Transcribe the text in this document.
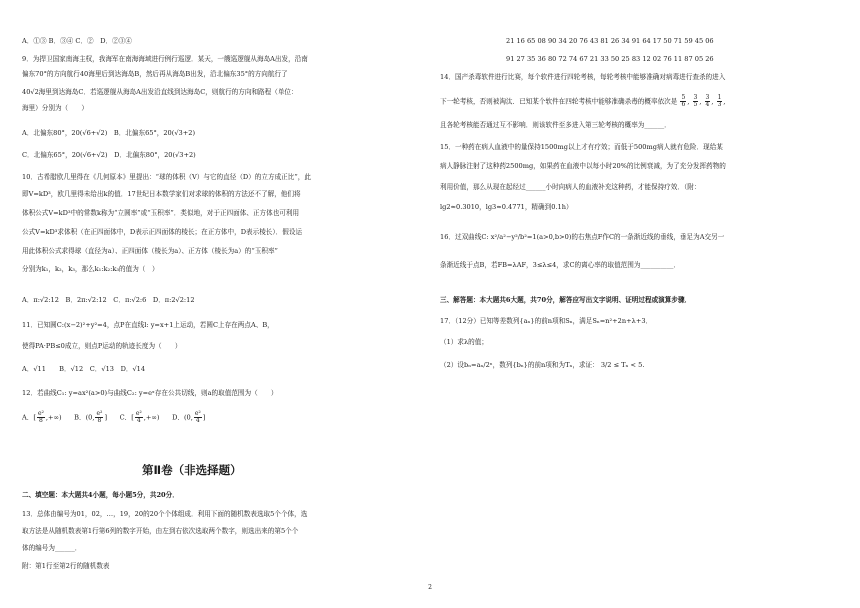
A．①③ B．③④ C．②　D．②③④
9．为捍卫国家南海主权，我海军在南海海域进行例行巡逻．某天，一艘巡逻舰从海岛A出发，沿南
偏东70°的方向航行40海里后到达海岛B，然后再从海岛B出发，沿北偏东35°的方向航行了
40√2海里到达海岛C．若巡逻舰从海岛A出发沿直线到达海岛C，则航行的方向和路程（单位：
海里）分别为（　　）
A．北偏东80°，20(√6+√2)　B．北偏东65°，20(√3+2)
C．北偏东65°，20(√6+√2)　D．北偏东80°，20(√3+2)
10．古希腊欧几里得在《几何原本》里提出：“球的体积（V）与它的直径（D）的立方成正比”，此
即V=kD³，欧几里得未给出k的值．17世纪日本数学家们对求球的体积的方法还不了解，他们将
体积公式V=kD³中的常数k称为“立圆率”或“玉积率”．类似地，对于正四面体、正方体也可利用
公式V=kD³求体积（在正四面体中，D表示正四面体的棱长；在正方体中，D表示棱长）．假设运
用此体积公式求得球（直径为a）、正四面体（棱长为a）、正方体（棱长为a）的“玉积率”
分别为k₁，k₂，k₃，那么k₁:k₂:k₃的值为（　）
A．π:√2:12　B．2π:√2:12　C．π:√2:6　D．π:2√2:12
11．已知圆C:(x−2)²+y²=4，点P在直线l: y=x+1上运动，若圆C上存在两点A、B，
使得PA·PB≤0成立，则点P运动的轨迹长度为（　　）
A．√11　　B．√12　C．√13　D．√14
12．若曲线C₁: y=ax²(a>0)与曲线C₂: y=eˣ存在公共切线，则a的取值范围为（　　）
A．[ $\frac{\text{e²}}{8}$ ,+∞) B．(0, $\frac{\text{e²}}{8}$ ] C．[ $\frac{\text{e²}}{4}$ ,+∞) D．(0, $\frac{\text{e²}}{4}$ ]
第Ⅱ卷（非选择题）
二、填空题：本大题共4小题，每小题5分，共20分．
13．总体由编号为01，02，…，19，20的20个个体组成．利用下面的随机数表选取5个个体，选
取方法是从随机数表第1行第6列的数字开始，由左到右依次选取两个数字，则选出来的第5个个
体的编号为______．
附：第1行至第2行的随机数表
21 16 65 08 90 34 20 76 43 81 26 34 91 64 17 50 71 59 45 06
91 27 35 36 80 72 74 67 21 33 50 25 83 12 02 76 11 87 05 26
14．国产杀毒软件进行比赛，每个软件进行四轮考核，每轮考核中能够准确对病毒进行查杀的进入
下一轮考核，否则被淘汰．已知某个软件在四轮考核中能够准确杀毒的概率依次是 $\frac{5}{6}$ , $\frac{3}{5}$ , $\frac{3}{4}$ , $\frac{1}{3}$ ,
且各轮考核能否通过互不影响．则该软件至多进入第三轮考核的概率为______．
15．一种药在病人血液中的量保持1500mg以上才有疗效；而低于500mg病人就有危险．现给某
病人静脉注射了这种药2500mg，如果药在血液中以每小时20%的比例衰减，为了充分发挥药物的
利用价值，那么从现在起经过______小时向病人的血液补充这种药，才能保持疗效．（附：
lg2≈0.3010，lg3≈0.4771，精确到0.1h）
16．过双曲线C: x²/a²−y²/b²=1(a>0,b>0)的右焦点F作C的一条渐近线的垂线，垂足为A交另一
条渐近线于点B，若FB=λAF，3≤λ≤4，求C的离心率的取值范围为__________．
三、解答题：本大题共6大题，共70分，解答应写出文字说明、证明过程或演算步骤．
17．（12分）已知等差数列{aₙ}的前n项和Sₙ，满足Sₙ=n²+2n+λ+3．
（1）求λ的值；
（2）设bₙ=aₙ/2ⁿ，数列{bₙ}的前n项和为Tₙ，求证： 3/2 ≤ Tₙ < 5.
2
